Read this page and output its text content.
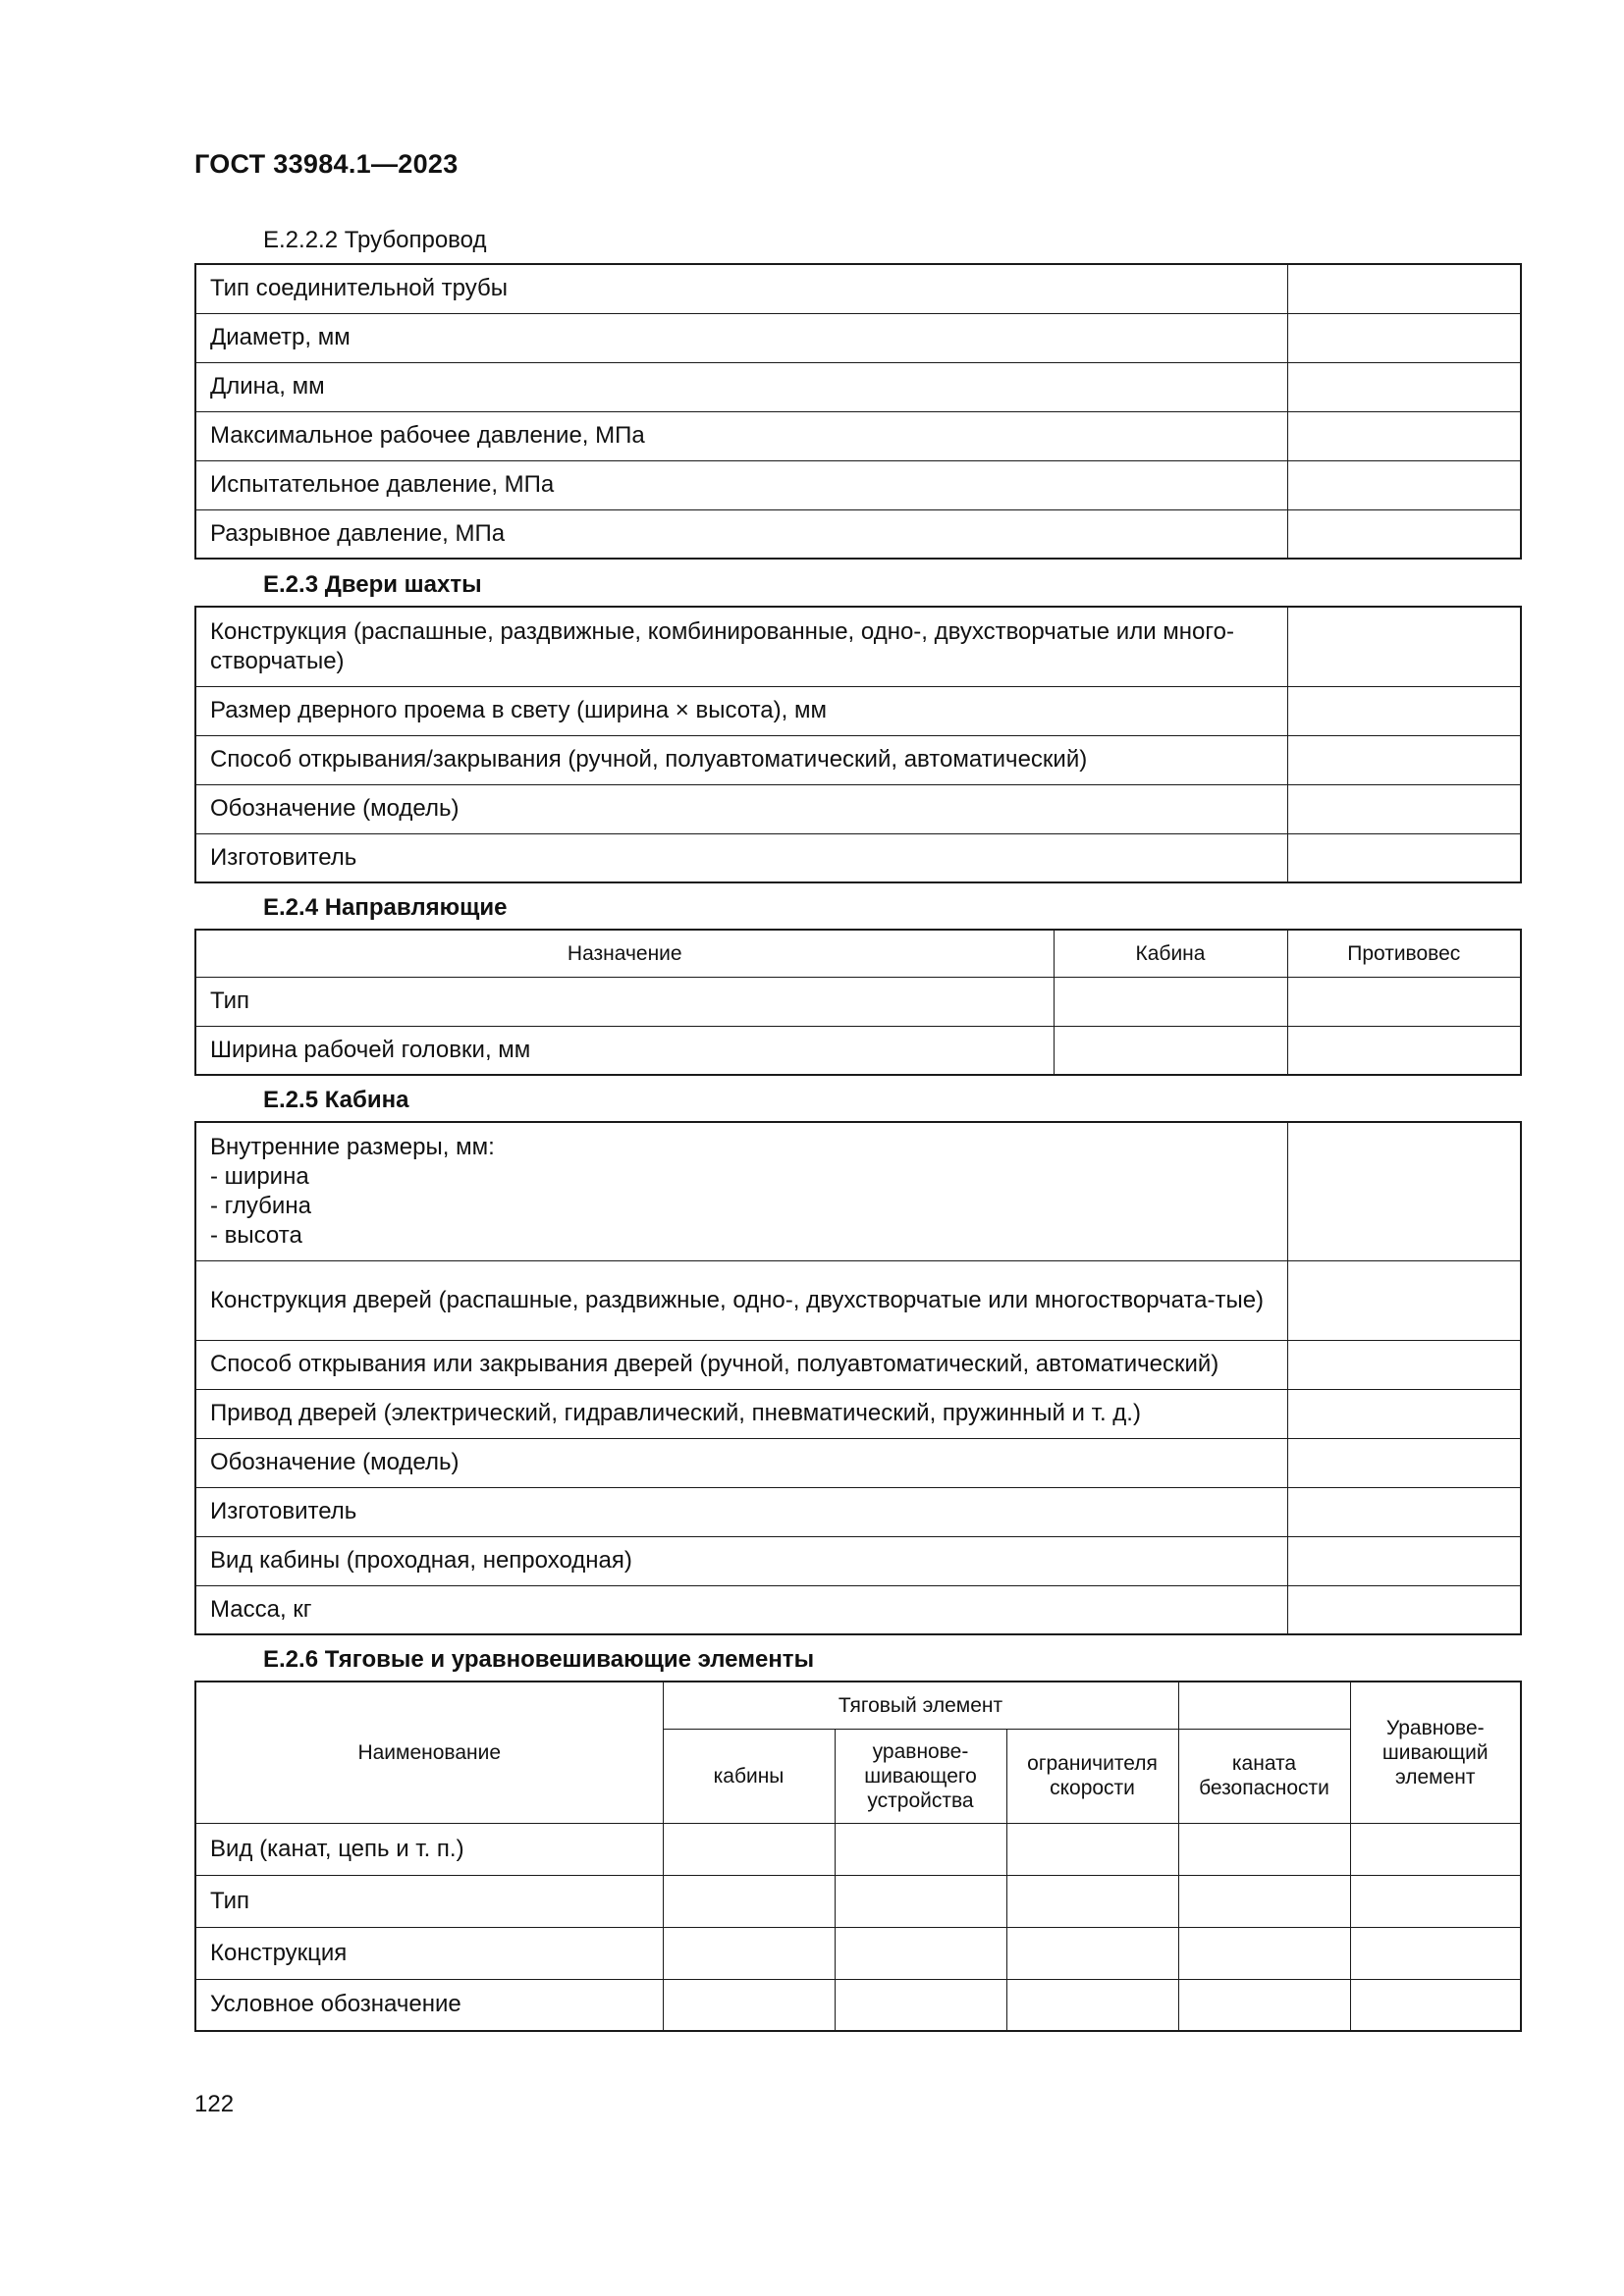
ГОСТ 33984.1—2023
Е.2.2.2 Трубопровод
Тип соединительной трубы	
Диаметр, мм	
Длина, мм	
Максимальное рабочее давление, МПа	
Испытательное давление, МПа	
Разрывное давление, МПа	
Е.2.3 Двери шахты
Конструкция (распашные, раздвижные, комбинированные, одно-, двухстворчатые или много-створчатые)	
Размер дверного проема в свету (ширина × высота), мм	
Способ открывания/закрывания (ручной, полуавтоматический, автоматический)	
Обозначение (модель)	
Изготовитель	
Е.2.4 Направляющие
Назначение	Кабина	Противовес
Тип		
Ширина рабочей головки, мм		
Е.2.5 Кабина
Внутренние размеры, мм:
- ширина
- глубина
- высота	
Конструкция дверей (распашные, раздвижные, одно-, двухстворчатые или многостворчата-тые)	
Способ открывания или закрывания дверей (ручной, полуавтоматический, автоматический)	
Привод дверей (электрический, гидравлический, пневматический, пружинный и т. д.)	
Обозначение (модель)	
Изготовитель	
Вид кабины (проходная, непроходная)	
Масса, кг	
Е.2.6 Тяговые и уравновешивающие элементы
Наименование	Тяговый элемент				Уравнове-шивающий элемент
	кабины	уравнове-шивающего устройства	ограничителя скорости	каната безопасности	
Вид (канат, цепь и т. п.)					
Тип					
Конструкция					
Условное обозначение					
122
